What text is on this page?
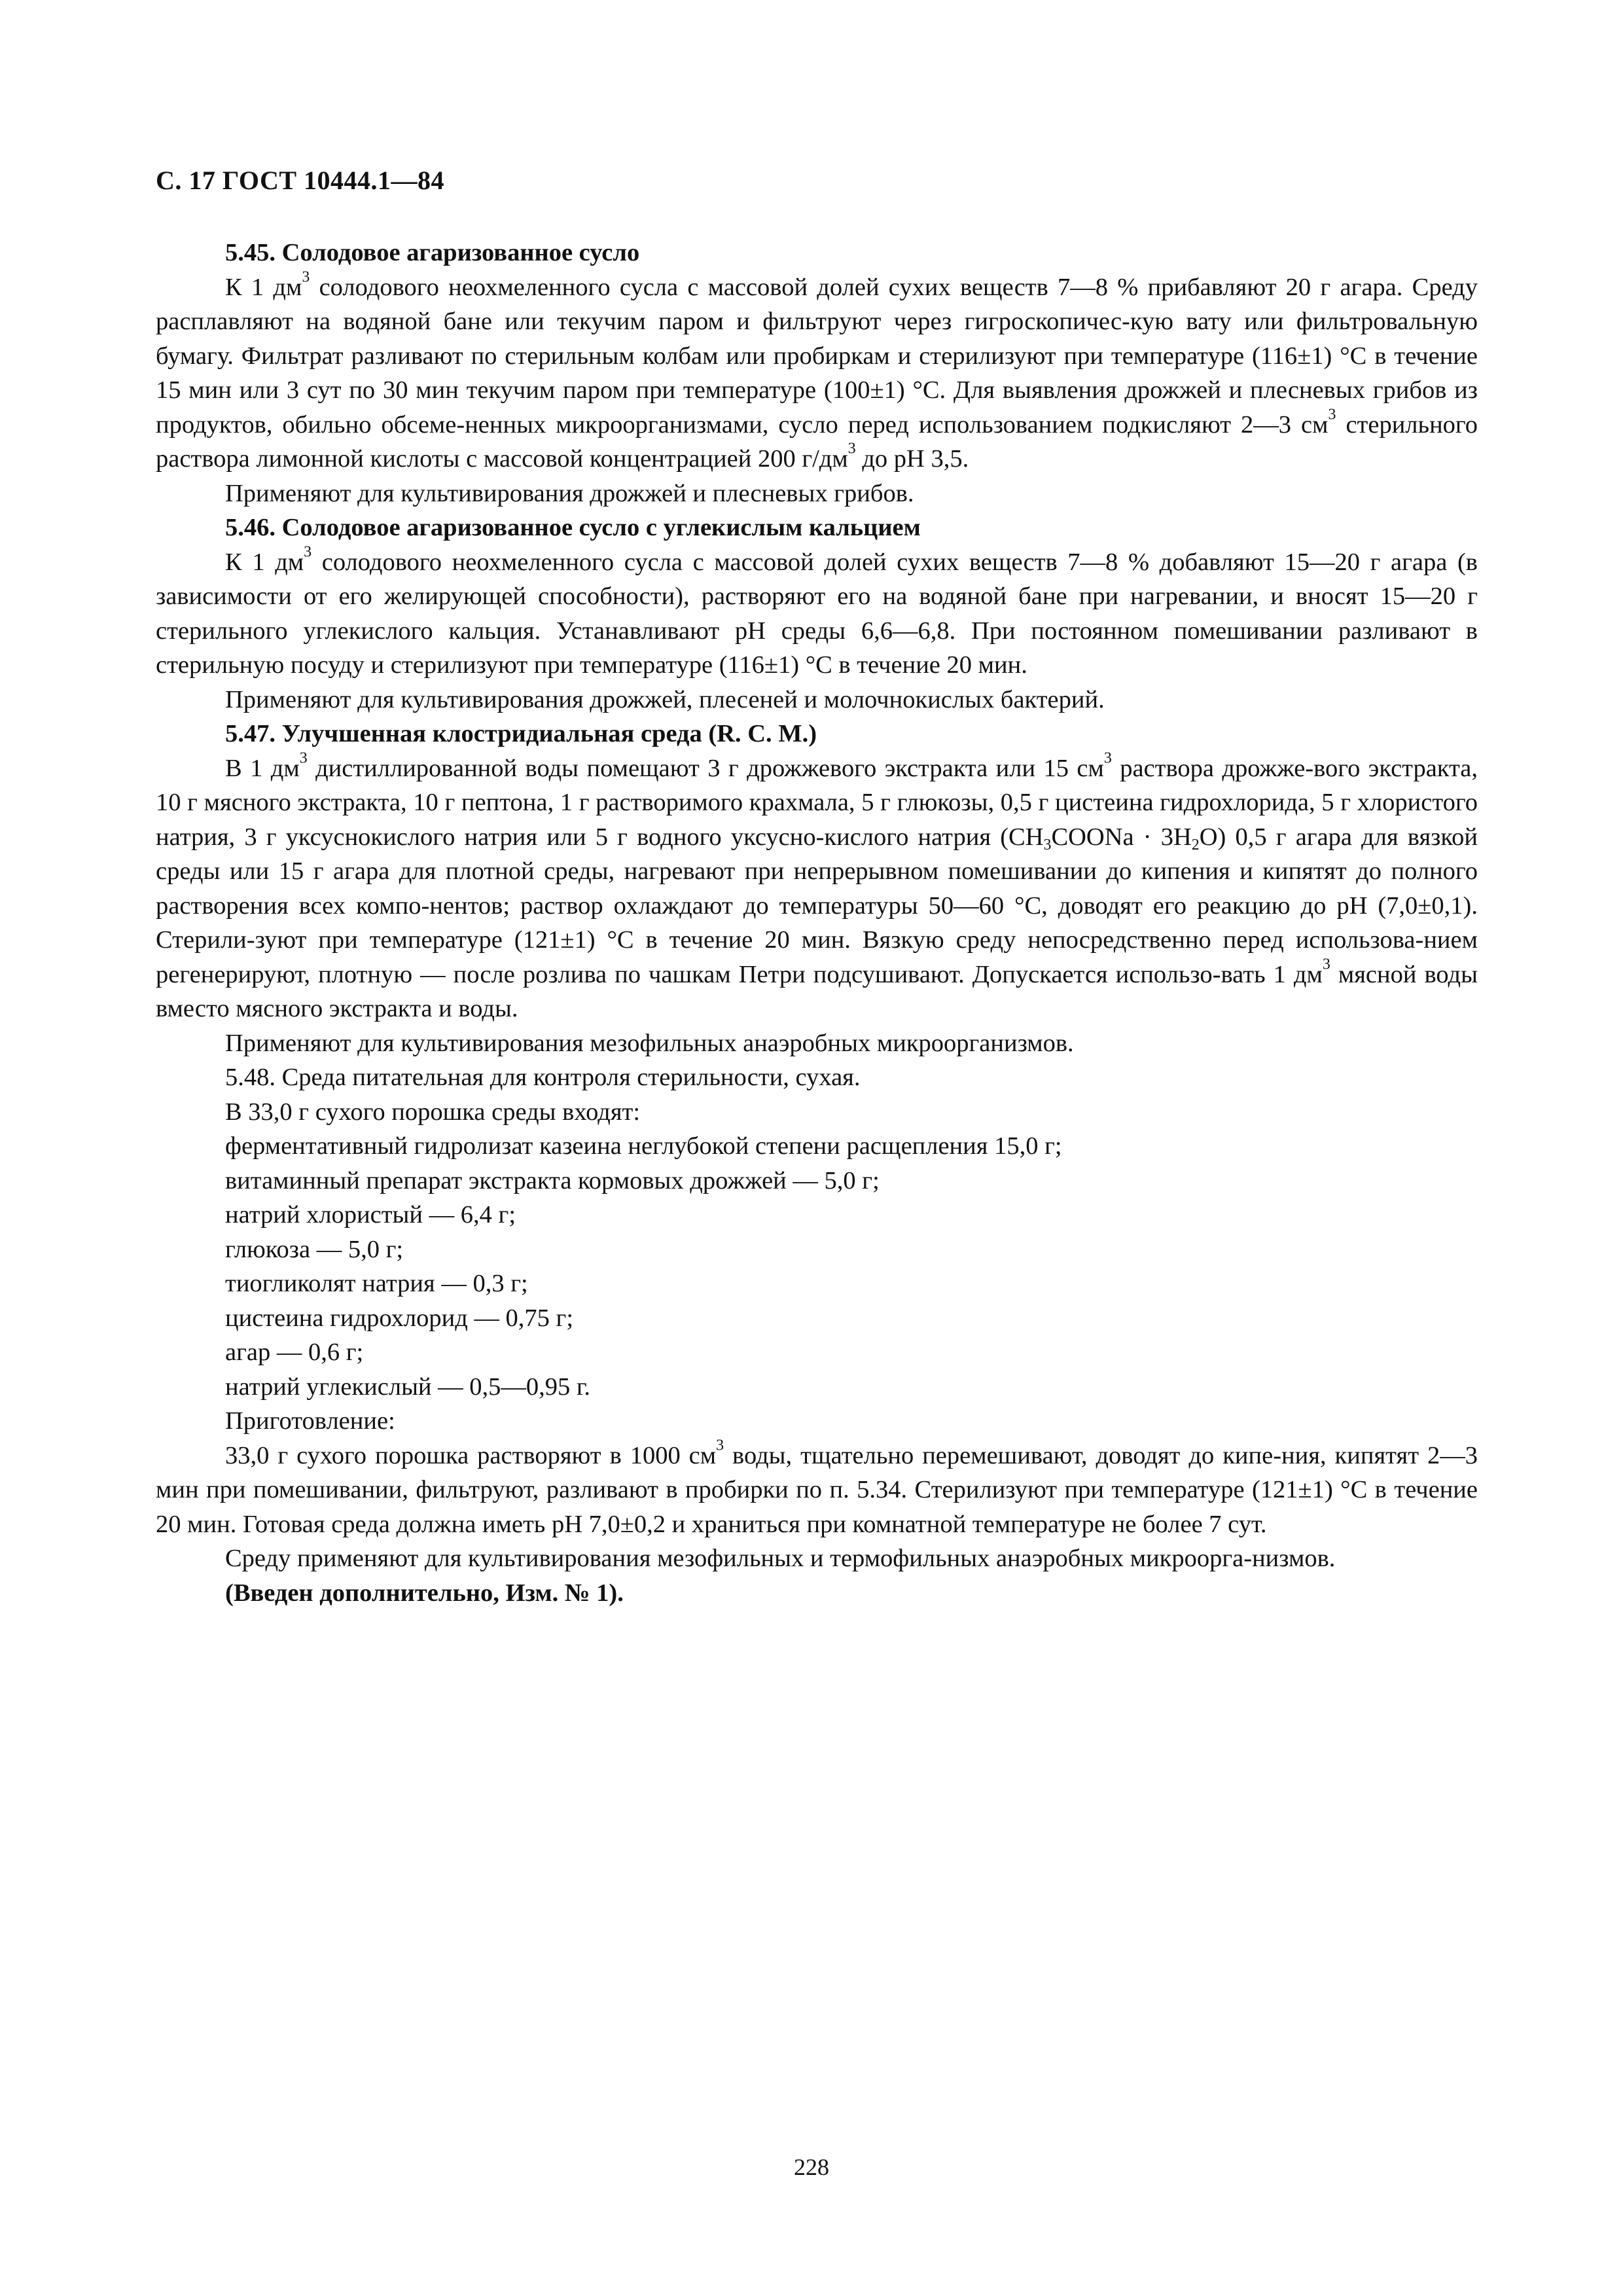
С. 17 ГОСТ 10444.1—84

5.45. Солодовое агаризованное сусло

К 1 $дм^3$ солодового неохмеленного сусла с массовой долей сухих веществ 7—8 % прибавляют 20 г агара. Среду расплавляют на водяной бане или текучим паром и фильтруют через гигроскопичес-кую вату или фильтровальную бумагу. Фильтрат разливают по стерильным колбам или пробиркам и стерилизуют при температуре (116±1) °С в течение 15 мин или 3 сут по 30 мин текучим паром при температуре (100±1) °С. Для выявления дрожжей и плесневых грибов из продуктов, обильно обсеме-ненных микроорганизмами, сусло перед использованием подкисляют 2—3 $см^3$ стерильного раствора лимонной кислоты с массовой концентрацией 200 $г/дм^3$ до рН 3,5.

Применяют для культивирования дрожжей и плесневых грибов.

5.46. Солодовое агаризованное сусло с углекислым кальцием

К 1 $дм^3$ солодового неохмеленного сусла с массовой долей сухих веществ 7—8 % добавляют 15—20 г агара (в зависимости от его желирующей способности), растворяют его на водяной бане при нагревании, и вносят 15—20 г стерильного углекислого кальция. Устанавливают рН среды 6,6—6,8. При постоянном помешивании разливают в стерильную посуду и стерилизуют при температуре (116±1) °С в течение 20 мин.

Применяют для культивирования дрожжей, плесеней и молочнокислых бактерий.

5.47. Улучшенная клостридиальная среда (R. С. М.)

В 1 $дм^3$ дистиллированной воды помещают 3 г дрожжевого экстракта или 15 $см^3$ раствора дрожже-вого экстракта, 10 г мясного экстракта, 10 г пептона, 1 г растворимого крахмала, 5 г глюкозы, 0,5 г цистеина гидрохлорида, 5 г хлористого натрия, 3 г уксуснокислого натрия или 5 г водного уксусно-кислого натрия $(CH_3COONa \cdot 3H_2O)$ 0,5 г агара для вязкой среды или 15 г агара для плотной среды, нагревают при непрерывном помешивании до кипения и кипятят до полного растворения всех компо-нентов; раствор охлаждают до температуры 50—60 °С, доводят его реакцию до рН (7,0±0,1). Стерили-зуют при температуре (121±1) °С в течение 20 мин. Вязкую среду непосредственно перед использова-нием регенерируют, плотную — после розлива по чашкам Петри подсушивают. Допускается использо-вать 1 $дм^3$ мясной воды вместо мясного экстракта и воды.

Применяют для культивирования мезофильных анаэробных микроорганизмов.

5.48. Среда питательная для контроля стерильности, сухая.

В 33,0 г сухого порошка среды входят:

ферментативный гидролизат казеина неглубокой степени расщепления 15,0 г;

витаминный препарат экстракта кормовых дрожжей — 5,0 г;

натрий хлористый — 6,4 г;

глюкоза — 5,0 г;

тиогликолят натрия — 0,3 г;

цистеина гидрохлорид — 0,75 г;

агар — 0,6 г;

натрий углекислый — 0,5—0,95 г.

Приготовление:

33,0 г сухого порошка растворяют в 1000 $см^3$ воды, тщательно перемешивают, доводят до кипе-ния, кипятят 2—3 мин при помешивании, фильтруют, разливают в пробирки по п. 5.34. Стерилизуют при температуре (121±1) °С в течение 20 мин. Готовая среда должна иметь рН 7,0±0,2 и храниться при комнатной температуре не более 7 сут.

Среду применяют для культивирования мезофильных и термофильных анаэробных микроорга-низмов.

(Введен дополнительно, Изм. № 1).

228
